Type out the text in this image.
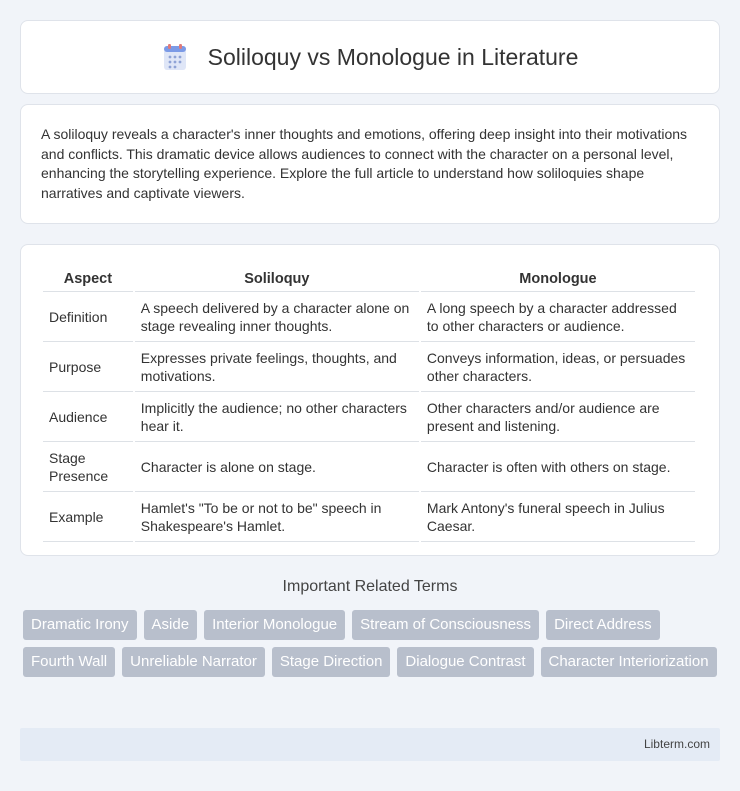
Soliloquy vs Monologue in Literature

A soliloquy reveals a character's inner thoughts and emotions, offering deep insight into their motivations and conflicts. This dramatic device allows audiences to connect with the character on a personal level, enhancing the storytelling experience. Explore the full article to understand how soliloquies shape narratives and captivate viewers.

Aspect	Soliloquy	Monologue
Definition	A speech delivered by a character alone on stage revealing inner thoughts.	A long speech by a character addressed to other characters or audience.
Purpose	Expresses private feelings, thoughts, and motivations.	Conveys information, ideas, or persuades other characters.
Audience	Implicitly the audience; no other characters hear it.	Other characters and/or audience are present and listening.
Stage Presence	Character is alone on stage.	Character is often with others on stage.
Example	Hamlet's "To be or not to be" speech in Shakespeare's Hamlet.	Mark Antony's funeral speech in Julius Caesar.
Important Related Terms
Dramatic Irony	Aside	Interior Monologue	Stream of Consciousness	Direct Address
Fourth Wall	Unreliable Narrator	Stage Direction	Dialogue Contrast	Character Interiorization
Libterm.com
